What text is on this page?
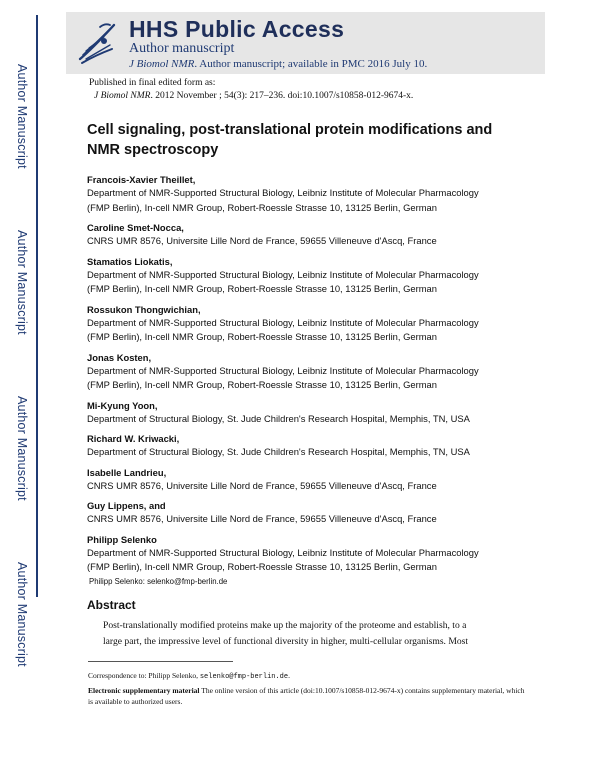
Author Manuscript
Author Manuscript
Author Manuscript
Author Manuscript
HHS Public Access
Author manuscript
J Biomol NMR. Author manuscript; available in PMC 2016 July 10.
Published in final edited form as:
J Biomol NMR. 2012 November ; 54(3): 217–236. doi:10.1007/s10858-012-9674-x.
Cell signaling, post-translational protein modifications and NMR spectroscopy
Francois-Xavier Theillet,
Department of NMR-Supported Structural Biology, Leibniz Institute of Molecular Pharmacology
(FMP Berlin), In-cell NMR Group, Robert-Roessle Strasse 10, 13125 Berlin, German
Caroline Smet-Nocca,
CNRS UMR 8576, Universite Lille Nord de France, 59655 Villeneuve d'Ascq, France
Stamatios Liokatis,
Department of NMR-Supported Structural Biology, Leibniz Institute of Molecular Pharmacology
(FMP Berlin), In-cell NMR Group, Robert-Roessle Strasse 10, 13125 Berlin, German
Rossukon Thongwichian,
Department of NMR-Supported Structural Biology, Leibniz Institute of Molecular Pharmacology
(FMP Berlin), In-cell NMR Group, Robert-Roessle Strasse 10, 13125 Berlin, German
Jonas Kosten,
Department of NMR-Supported Structural Biology, Leibniz Institute of Molecular Pharmacology
(FMP Berlin), In-cell NMR Group, Robert-Roessle Strasse 10, 13125 Berlin, German
Mi-Kyung Yoon,
Department of Structural Biology, St. Jude Children's Research Hospital, Memphis, TN, USA
Richard W. Kriwacki,
Department of Structural Biology, St. Jude Children's Research Hospital, Memphis, TN, USA
Isabelle Landrieu,
CNRS UMR 8576, Universite Lille Nord de France, 59655 Villeneuve d'Ascq, France
Guy Lippens, and
CNRS UMR 8576, Universite Lille Nord de France, 59655 Villeneuve d'Ascq, France
Philipp Selenko
Department of NMR-Supported Structural Biology, Leibniz Institute of Molecular Pharmacology
(FMP Berlin), In-cell NMR Group, Robert-Roessle Strasse 10, 13125 Berlin, German
Philipp Selenko: selenko@fmp-berlin.de
Abstract
Post-translationally modified proteins make up the majority of the proteome and establish, to a
large part, the impressive level of functional diversity in higher, multi-cellular organisms. Most
Correspondence to: Philipp Selenko, selenko@fmp-berlin.de.
Electronic supplementary material The online version of this article (doi:10.1007/s10858-012-9674-x) contains supplementary material, which is available to authorized users.
